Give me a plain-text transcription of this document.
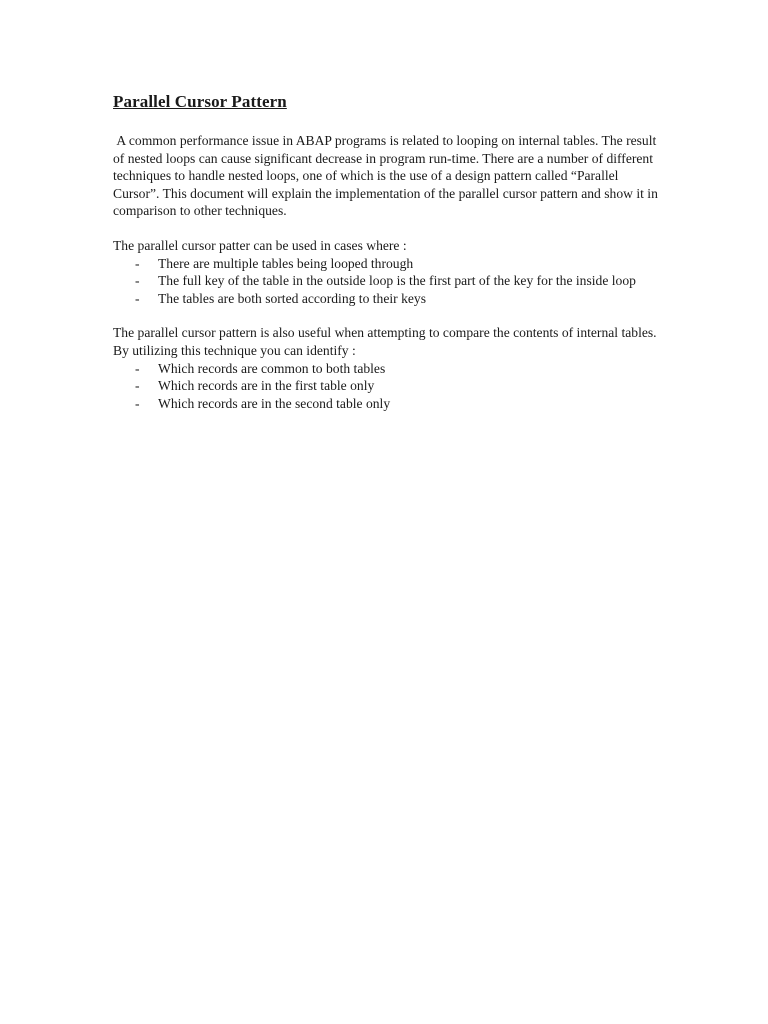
Parallel Cursor Pattern

A common performance issue in ABAP programs is related to looping on internal tables. The result of nested loops can cause significant decrease in program run-time. There are a number of different techniques to handle nested loops, one of which is the use of a design pattern called “Parallel Cursor”. This document will explain the implementation of the parallel cursor pattern and show it in comparison to other techniques.

The parallel cursor patter can be used in cases where :

- There are multiple tables being looped through
- The full key of the table in the outside loop is the first part of the key for the inside loop
- The tables are both sorted according to their keys

The parallel cursor pattern is also useful when attempting to compare the contents of internal tables. By utilizing this technique you can identify :

- Which records are common to both tables
- Which records are in the first table only
- Which records are in the second table only
